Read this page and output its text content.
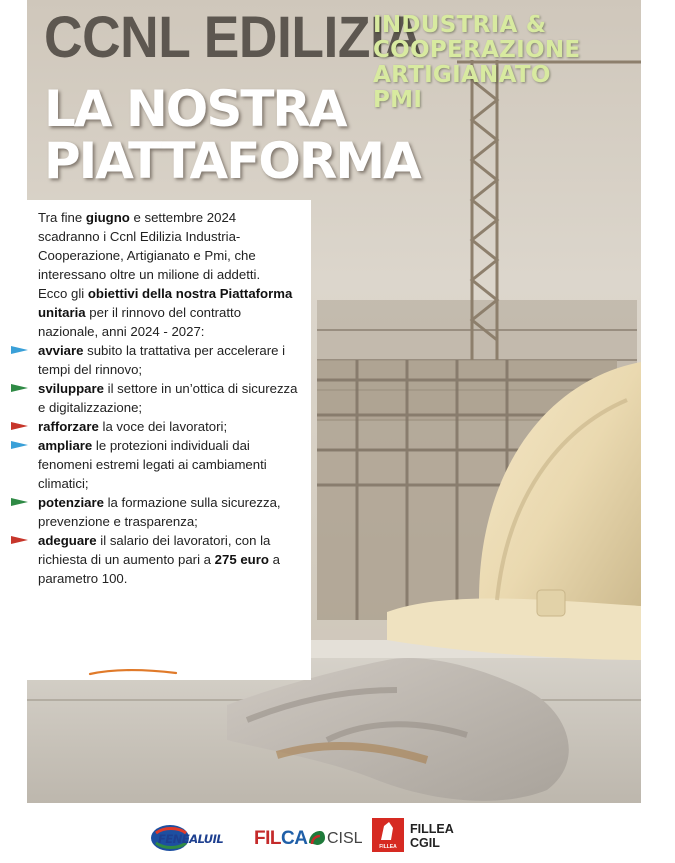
CCNL EDILIZIA
LA NOSTRA
PIATTAFORMA
INDUSTRIA &
COOPERAZIONE
ARTIGIANATO
PMI

Tra fine giugno e settembre 2024 scadranno i Ccnl Edilizia Industria-Cooperazione, Artigianato e Pmi, che interessano oltre un milione di addetti.

Ecco gli obiettivi della nostra Piattaforma unitaria per il rinnovo del contratto nazionale, anni 2024 - 2027:

avviare subito la trattativa per accelerare i tempi del rinnovo;

sviluppare il settore in un’ottica di sicurezza e digitalizzazione;

rafforzare la voce dei lavoratori;

ampliare le protezioni individuali dai fenomeni estremi legati ai cambiamenti climatici;

potenziare la formazione sulla sicurezza, prevenzione e trasparenza;

adeguare il salario dei lavoratori, con la richiesta di un aumento pari a 275 euro a parametro 100.

FENEALUIL FILCA CISL	FILLEA
FILLEA
CGIL
